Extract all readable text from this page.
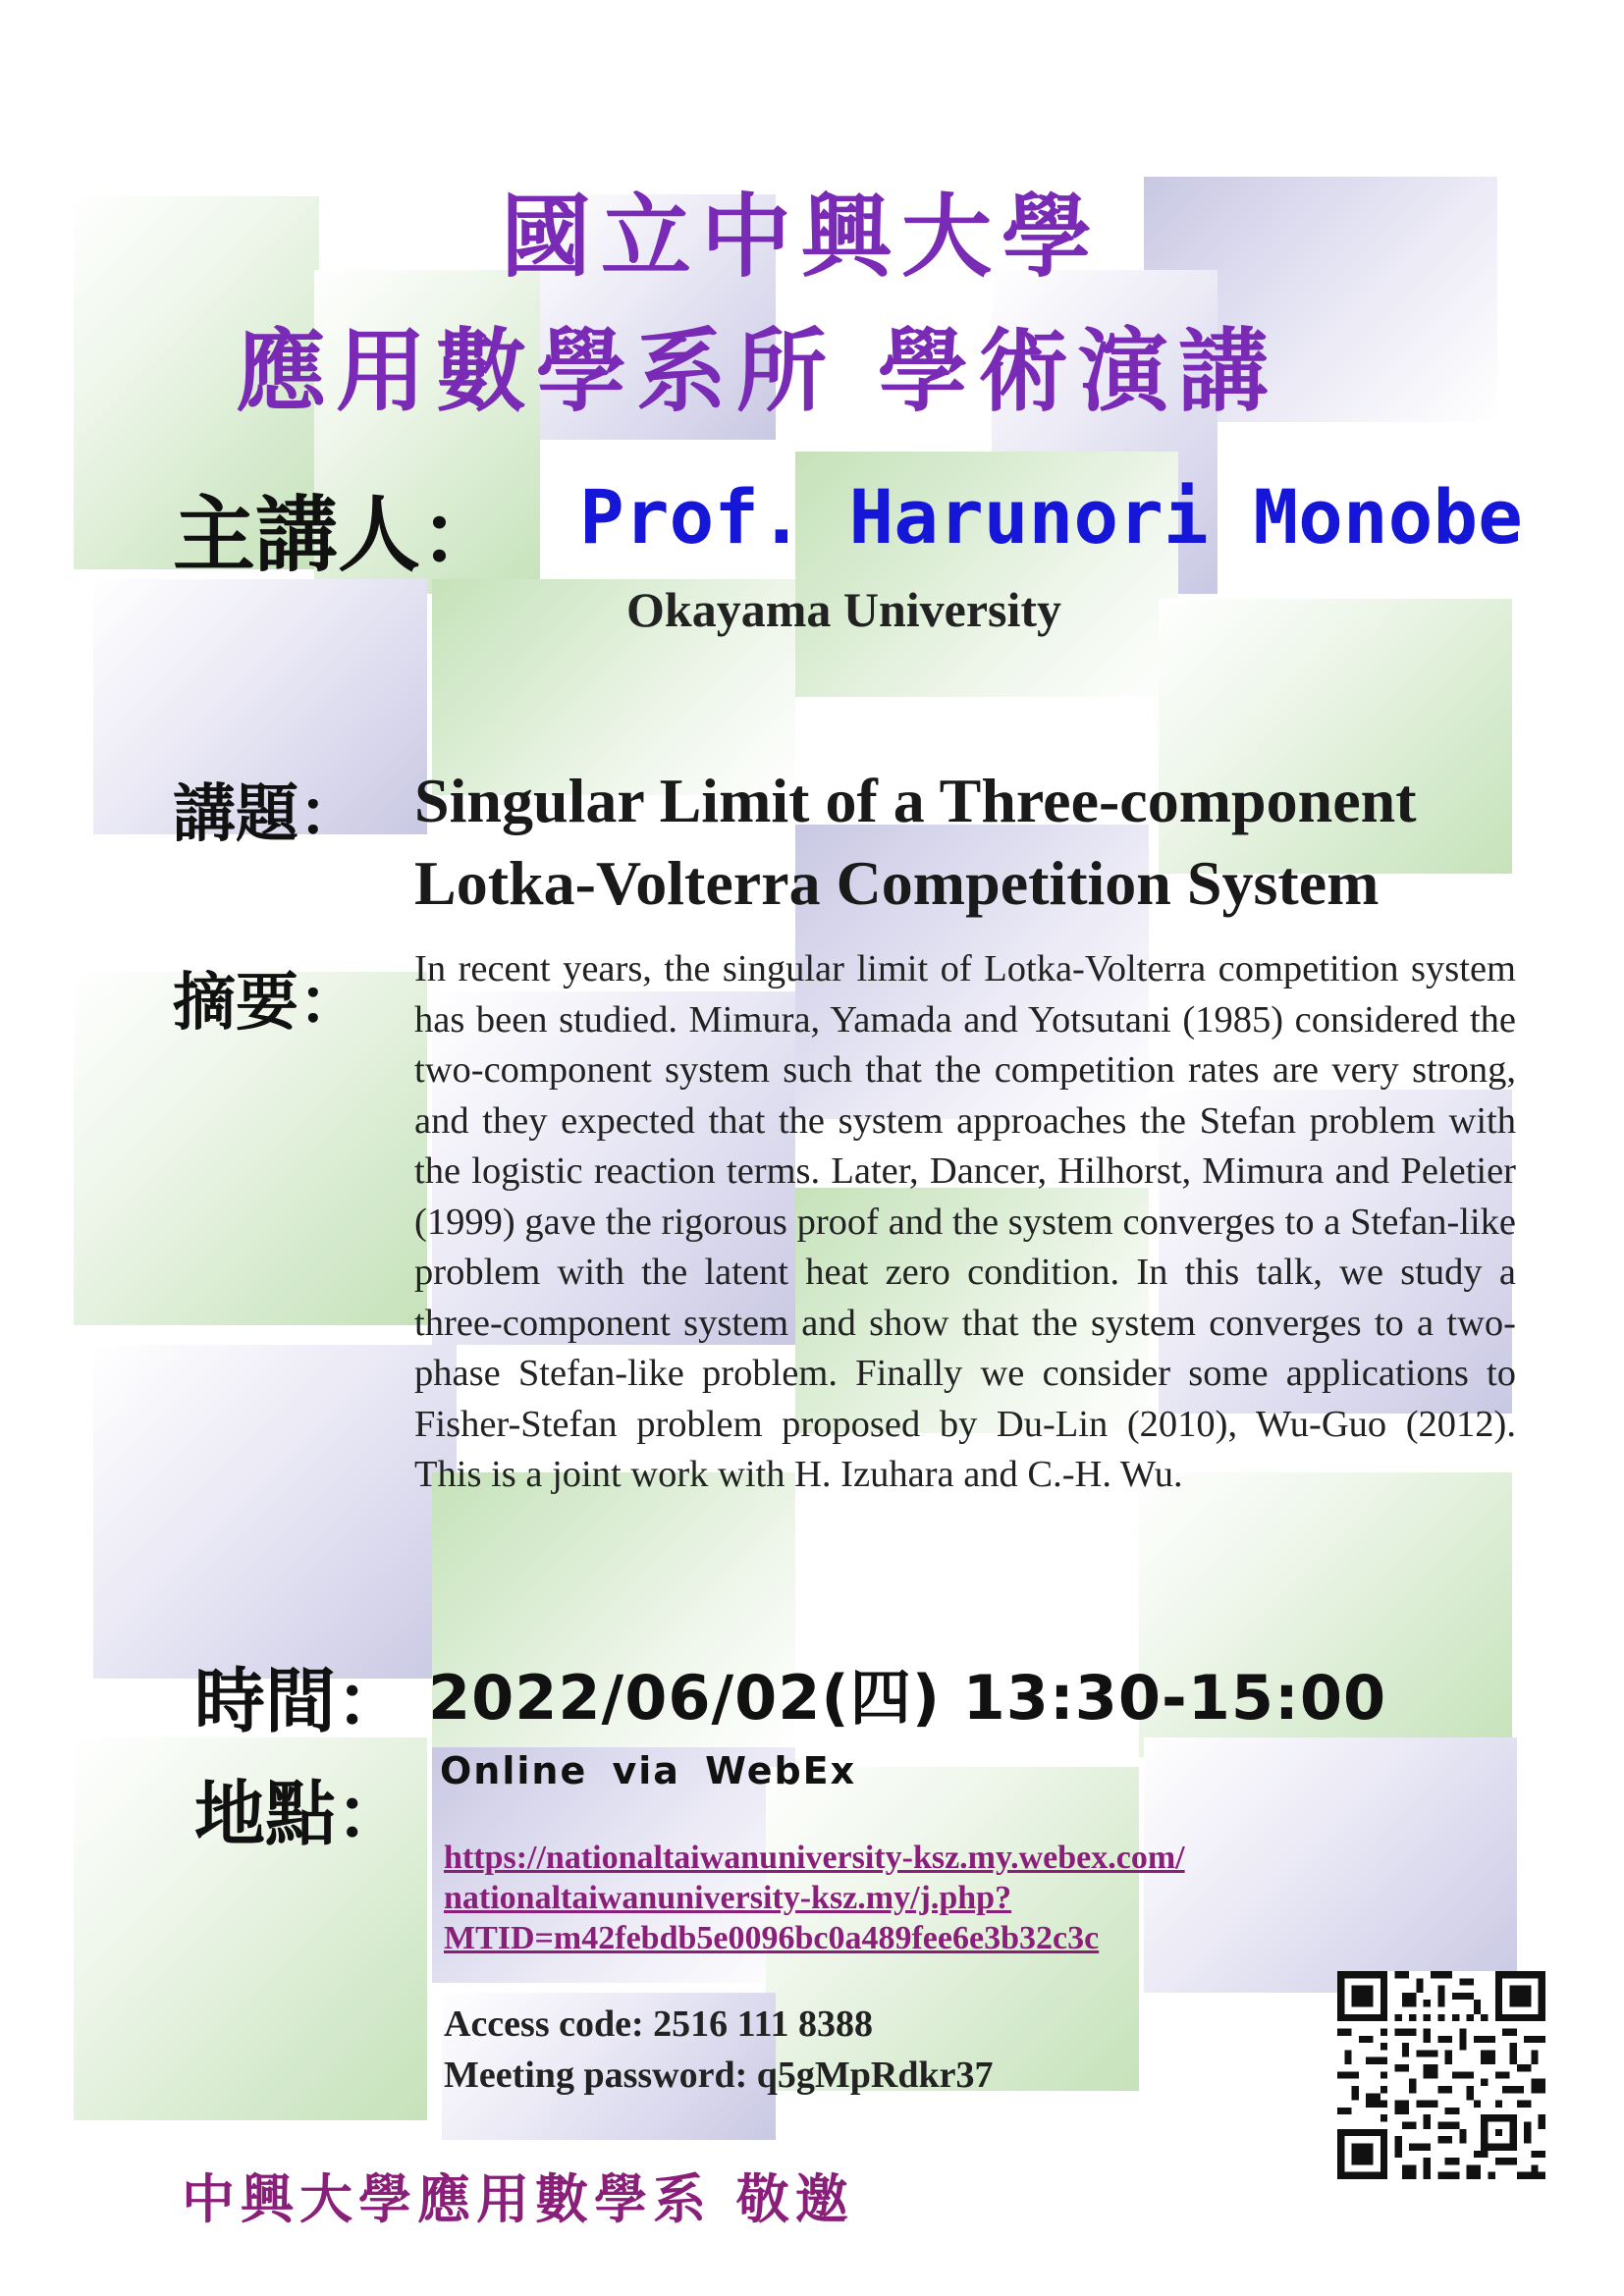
國立中興大學
應用數學系所 學術演講
主講人： Prof. Harunori Monobe
Okayama University
講題： Singular Limit of a Three-component
Lotka-Volterra Competition System
摘要： In recent years, the singular limit of Lotka-Volterra competition system has been studied. Mimura, Yamada and Yotsutani (1985) considered the two-component system such that the competition rates are very strong, and they expected that the system approaches the Stefan problem with the logistic reaction terms. Later, Dancer, Hilhorst, Mimura and Peletier (1999) gave the rigorous proof and the system converges to a Stefan-like problem with the latent heat zero condition. In this talk, we study a three-component system and show that the system converges to a two-phase Stefan-like problem. Finally we consider some applications to Fisher-Stefan problem proposed by Du-Lin (2010), Wu-Guo (2012). This is a joint work with H. Izuhara and C.-H. Wu.
時間： 2022/06/02(四) 13:30-15:00
地點：
Online via WebEx
https://nationaltaiwanuniversity-ksz.my.webex.com/
nationaltaiwanuniversity-ksz.my/j.php?
MTID=m42febdb5e0096bc0a489fee6e3b32c3c
Access code: 2516 111 8388
Meeting password: q5gMpRdkr37
中興大學應用數學系 敬邀
